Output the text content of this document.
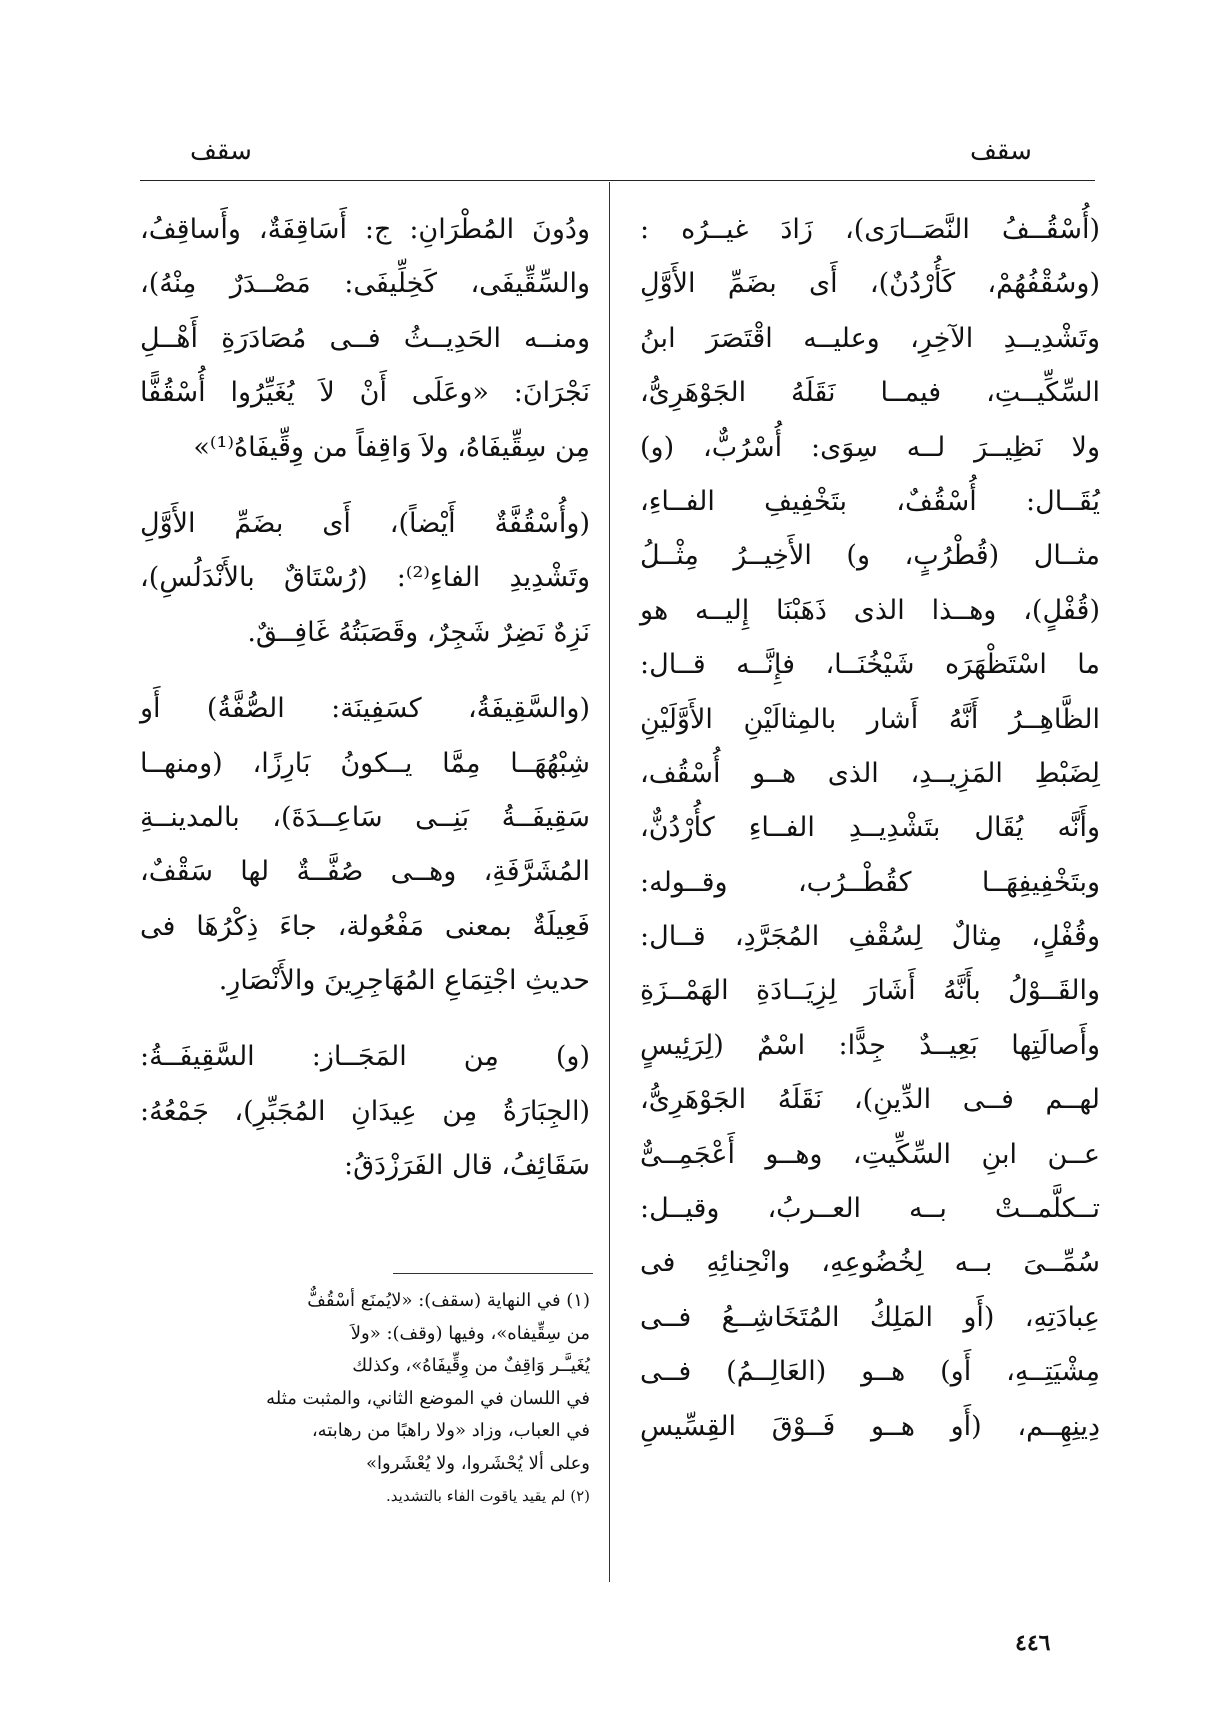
سقف
سقف
(أُسْقُــفُ النَّصَــارَى)، زَادَ غيــرُه :
(وسُقْفُهُمْ، كَأُرْدُنٌ)، أَى بضَمِّ الأَوَّلِ
وتَشْدِيــدِ الآخِرِ، وعليــه اقْتَصَرَ ابنُ
السِّكِّيــتِ، فيمــا نَقَلَهُ الجَوْهَرِىُّ،
ولا نَظِيــرَ لــه سِوَى: أُسْرُبٌّ، (و)
يُقَــال: أُسْقُفٌ، بتَخْفِيفِ الفــاءِ،
مثــال (قُطْرُبٍ، و) الأَخِيــرُ مِثْــلُ
(قُفْلٍ)، وهــذا الذى ذَهَبْنَا إِليــه هو
ما اسْتَظْهَرَه شَيْخُنَــا، فإِنَّــه قــال:
الظَّاهِــرُ أَنَّهُ أَشار بالمِثالَيْنِ الأَوَّلَيْنِ
لِضَبْطِ المَزِيــدِ، الذى هــو أُسْقُف،
وأَنَّه يُقَال بتَشْدِيــدِ الفــاءِ كأُرْدُنٌّ،
وبتَخْفِيفِهَــا كقُطْــرُب، وقــوله:
وقُفْلٍ، مِثالٌ لِسُقْفِ المُجَرَّدِ، قــال:
والقَــوْلُ بأَنَّهُ أَشَارَ لِزِيَــادَةِ الهَمْــزَةِ
وأَصالَتِها بَعِيــدٌ جِدًّا: اسْمٌ (لِرَئِيسٍ
لهــم فــى الدِّينِ)، نَقَلَهُ الجَوْهَرِىُّ،
عــن ابنِ السِّكِّيتِ، وهــو أَعْجَمِــىٌّ
تــكلَّمــتْ بــه العــربُ، وقيــل:
سُمِّــىَ بــه لِخُضُوعِهِ، وانْحِنائِهِ فى
عِبادَتِهِ، (أَو المَلِكُ المُتَخَاشِــعُ فــى
مِشْيَتِــهِ، أَو) هــو (العَالِــمُ) فــى
دِينِهِــم، (أَو هــو فَــوْقَ القِسِّيسِ
ودُونَ المُطْرَانِ: ج: أَسَاقِفَةٌ، وأَساقِفُ،
والسِّقِّيفَى، كَخِلِّيفَى: مَصْــدَرٌ مِنْهُ)،
ومنــه الحَدِيــثُ فــى مُصَادَرَةِ أَهْــلِ
نَجْرَانَ: «وعَلَى أَنْ لاَ يُغَيِّرُوا أُسْقُفًّا
مِن سِقِّيفَاهُ، ولاَ وَاقِفاً من وِقِّيفَاهُ⁽¹⁾»
(وأُسْقُفَّةٌ أَيْضاً)، أَى بضَمِّ الأَوَّلِ
وتَشْدِيدِ الفاءِ⁽²⁾: (رُسْتَاقٌ بالأَنْدَلُسِ)،
نَزِهٌ نَضِرٌ شَجِرٌ، وقَصَبَتُهُ غَافِــقٌ.
(والسَّقِيفَةُ، كسَفِينَة: الصُّفَّةُ) أَو
شِبْهُهَــا مِمَّا يــكونُ بَارِزًا، (ومنهــا
سَقِيفَــةُ بَنِــى سَاعِــدَةَ)، بالمدينــةِ
المُشَرَّفَةِ، وهــى صُفَّــةٌ لها سَقْفٌ،
فَعِيلَةٌ بمعنى مَفْعُولة، جاءَ ذِكْرُهَا فى
حديثِ اجْتِمَاعِ المُهَاجِرِينَ والأَنْصَارِ.
(و) مِن المَجَــاز: السَّقِيفَــةُ:
(الجِبَارَةُ مِن عِيدَانِ المُجَبِّرِ)، جَمْعُهُ:
سَقَائِفُ، قال الفَرَزْدَقُ:
(١) في النهاية (سقف): «لايُمنَع أسْقُفٌّ
من سِقِّيفاه»، وفيها (وقف): «ولاَ
يُغَيـَّـر وَاقِفٌ من وِقِّيفَاهُ»، وكذلك
في اللسان في الموضع الثاني، والمثبت مثله
في العباب، وزاد «ولا راهبًا من رهابته،
وعلى ألا يُحْشَروا، ولا يُعْشَروا»
(٢) لم يقيد ياقوت الفاء بالتشديد.
٤٤٦
